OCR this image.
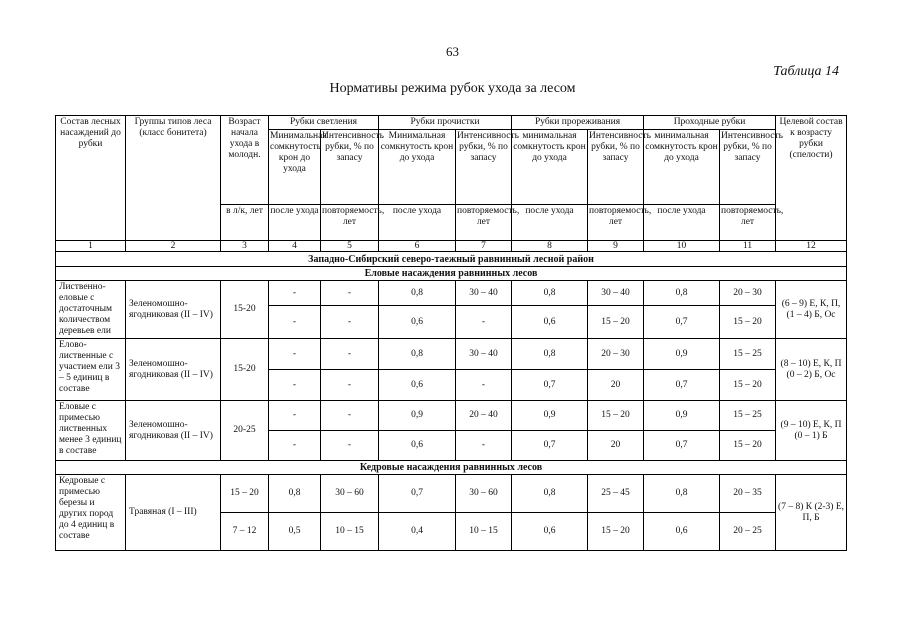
63
Таблица 14
Нормативы режима рубок ухода за лесом
Состав лесных насаждений до рубки	Группы типов леса (класс бонитета)	Возраст начала ухода в молодн.	Рубки светления		Рубки прочистки		Рубки прореживания		Проходные рубки		Целевой состав к возрасту рубки (спелости)
			Минимальная сомкнутость крон до ухода	Интенсивность рубки, % по запасу	Минимальная сомкнутость крон до ухода	Интенсивность рубки, % по запасу	минимальная сомкнутость крон до ухода	Интенсивность рубки, % по запасу	минимальная сомкнутость крон до ухода	Интенсивность рубки, % по запасу	
		в л/к, лет	после ухода	повторяемость, лет	после ухода	повторяемость, лет	после ухода	повторяемость, лет	после ухода	повторяемость, лет	
1	2	3	4	5	6	7	8	9	10	11	12
Западно-Сибирский северо-таежный равнинный лесной район											
Еловые насаждения равнинных лесов											
Лиственно-еловые с достаточным количеством деревьев ели	Зеленомошно-ягодниковая (II – IV)	15-20	-	-	0,8	30 – 40	0,8	30 – 40	0,8	20 – 30	(6 – 9) Е, К, П, (1 – 4) Б, Ос
			-	-	0,6	-	0,6	15 – 20	0,7	15 – 20	
Елово-лиственные с участием ели 3 – 5 единиц в составе	Зеленомошно-ягодниковая (II – IV)	15-20	-	-	0,8	30 – 40	0,8	20 – 30	0,9	15 – 25	(8 – 10) Е, К, П (0 – 2) Б, Ос
			-	-	0,6	-	0,7	20	0,7	15 – 20	
Еловые с примесью лиственных менее 3 единиц в составе	Зеленомошно-ягодниковая (II – IV)	20-25	-	-	0,9	20 – 40	0,9	15 – 20	0,9	15 – 25	(9 – 10) Е, К, П (0 – 1) Б
			-	-	0,6	-	0,7	20	0,7	15 – 20	
Кедровые насаждения равнинных лесов											
Кедровые с примесью березы и других пород до 4 единиц в составе	Травяная (I – III)	15 – 20	0,8	30 – 60	0,7	30 – 60	0,8	25 – 45	0,8	20 – 35	(7 – 8) К (2-3) Е, П, Б
		7 – 12	0,5	10 – 15	0,4	10 – 15	0,6	15 – 20	0,6	20 – 25	
